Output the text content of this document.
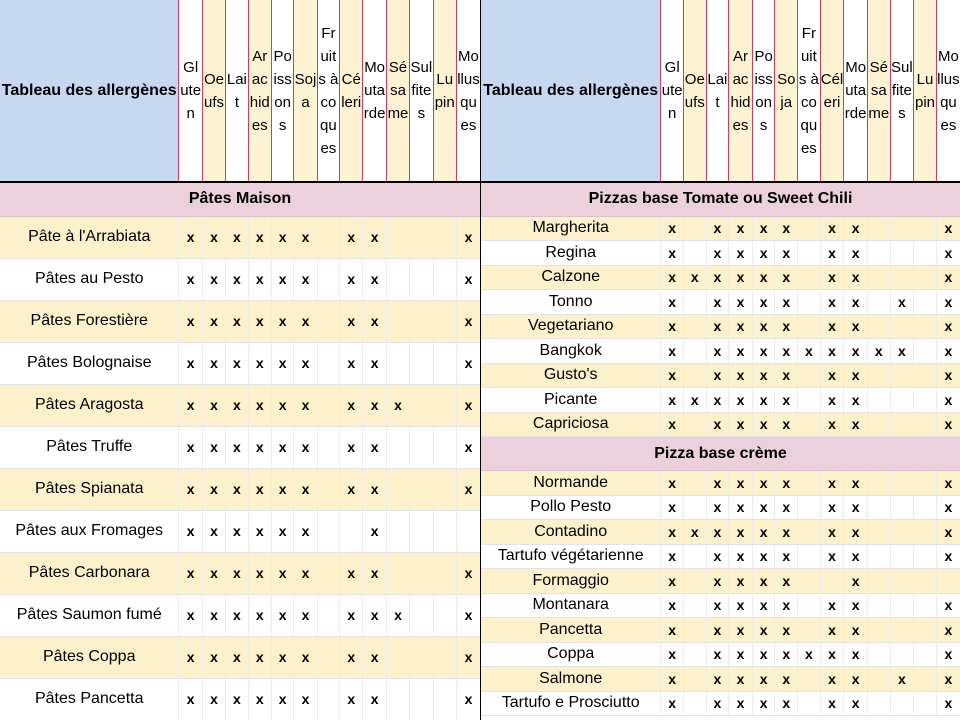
Tableau des allergènes	Gluten	Oeufs	Lait	Arachides	Poissons	Soja	Fruits à coques	Céleri	Moutarde	Sésame	Sulfites	Lupin	Mollusques
Pâtes Maison													
Pâte à l'Arrabiata	x	x	x	x	x	x		x	x				x
Pâtes au Pesto	x	x	x	x	x	x		x	x				x
Pâtes Forestière	x	x	x	x	x	x		x	x				x
Pâtes Bolognaise	x	x	x	x	x	x		x	x				x
Pâtes Aragosta	x	x	x	x	x	x		x	x	x			x
Pâtes Truffe	x	x	x	x	x	x		x	x				x
Pâtes Spianata	x	x	x	x	x	x		x	x				x
Pâtes aux Fromages	x	x	x	x	x	x			x				
Pâtes Carbonara	x	x	x	x	x	x		x	x				x
Pâtes Saumon fumé	x	x	x	x	x	x		x	x	x			x
Pâtes Coppa	x	x	x	x	x	x		x	x				x
Pâtes Pancetta	x	x	x	x	x	x		x	x				x
Tableau des allergènes	Gluten	Oeufs	Lait	Arachides	Poissons	Soja	Fruits à coques	Céleri	Moutarde	Sésame	Sulfites	Lupin	Mollusques
Pizzas base Tomate ou Sweet Chili													
Margherita	x		x	x	x	x		x	x				x
Regina	x		x	x	x	x		x	x				x
Calzone	x	x	x	x	x	x		x	x				x
Tonno	x		x	x	x	x		x	x		x		x
Vegetariano	x		x	x	x	x		x	x				x
Bangkok	x		x	x	x	x	x	x	x	x	x		x
Gusto's	x		x	x	x	x		x	x				x
Picante	x	x	x	x	x	x		x	x				x
Capriciosa	x		x	x	x	x		x	x				x
Pizza base crème													
Normande	x		x	x	x	x		x	x				x
Pollo Pesto	x		x	x	x	x		x	x				x
Contadino	x	x	x	x	x	x		x	x				x
Tartufo végétarienne	x		x	x	x	x		x	x				x
Formaggio	x		x	x	x	x			x				
Montanara	x		x	x	x	x		x	x				x
Pancetta	x		x	x	x	x		x	x				x
Coppa	x		x	x	x	x	x	x	x				x
Salmone	x		x	x	x	x		x	x		x		x
Tartufo e Prosciutto	x		x	x	x	x		x	x				x
